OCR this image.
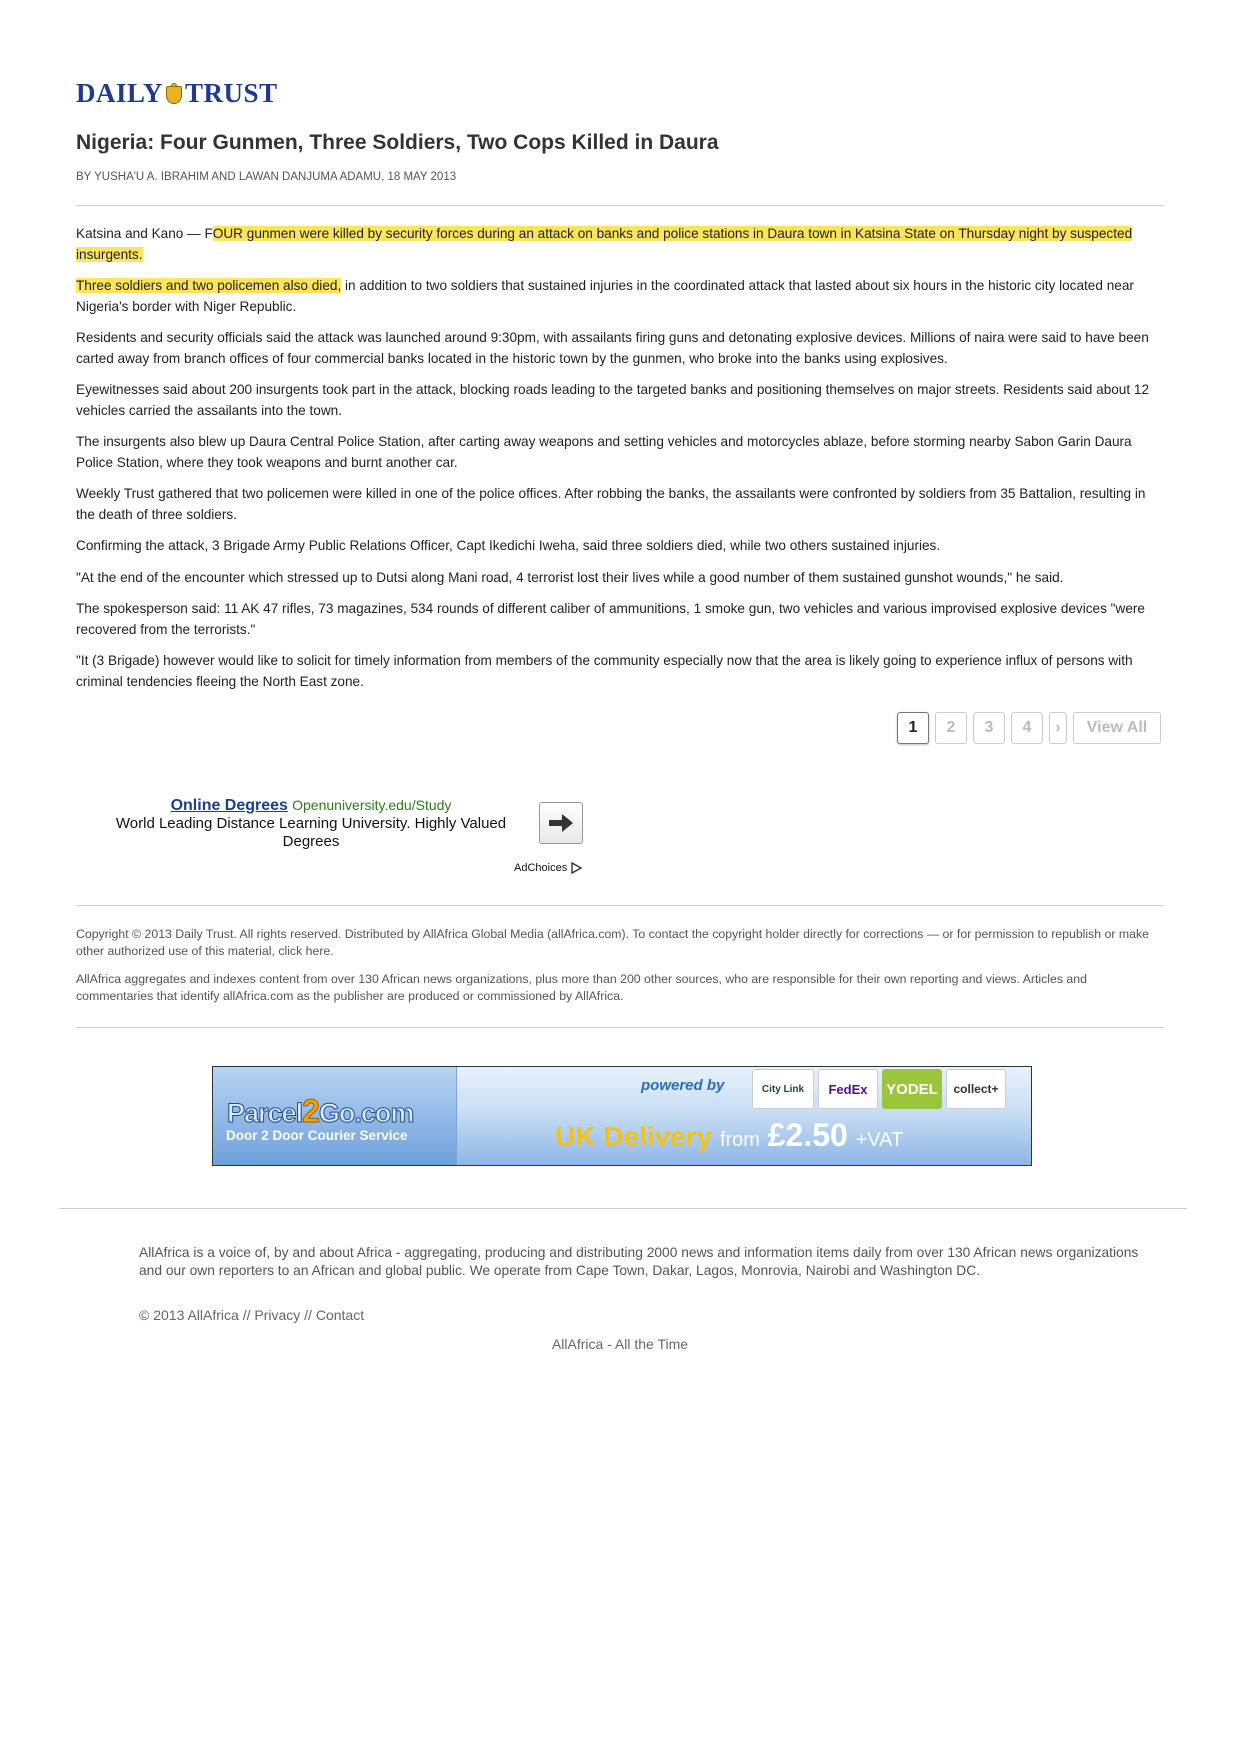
DAILY TRUST
Nigeria: Four Gunmen, Three Soldiers, Two Cops Killed in Daura
BY YUSHA'U A. IBRAHIM AND LAWAN DANJUMA ADAMU, 18 MAY 2013

Katsina and Kano — FOUR gunmen were killed by security forces during an attack on banks and police stations in Daura town in Katsina State on Thursday night by suspected insurgents.

Three soldiers and two policemen also died, in addition to two soldiers that sustained injuries in the coordinated attack that lasted about six hours in the historic city located near Nigeria's border with Niger Republic.

Residents and security officials said the attack was launched around 9:30pm, with assailants firing guns and detonating explosive devices. Millions of naira were said to have been carted away from branch offices of four commercial banks located in the historic town by the gunmen, who broke into the banks using explosives.

Eyewitnesses said about 200 insurgents took part in the attack, blocking roads leading to the targeted banks and positioning themselves on major streets. Residents said about 12 vehicles carried the assailants into the town.

The insurgents also blew up Daura Central Police Station, after carting away weapons and setting vehicles and motorcycles ablaze, before storming nearby Sabon Garin Daura Police Station, where they took weapons and burnt another car.

Weekly Trust gathered that two policemen were killed in one of the police offices. After robbing the banks, the assailants were confronted by soldiers from 35 Battalion, resulting in the death of three soldiers.

Confirming the attack, 3 Brigade Army Public Relations Officer, Capt Ikedichi Iweha, said three soldiers died, while two others sustained injuries.

"At the end of the encounter which stressed up to Dutsi along Mani road, 4 terrorist lost their lives while a good number of them sustained gunshot wounds," he said.

The spokesperson said: 11 AK 47 rifles, 73 magazines, 534 rounds of different caliber of ammunitions, 1 smoke gun, two vehicles and various improvised explosive devices "were recovered from the terrorists."

"It (3 Brigade) however would like to solicit for timely information from members of the community especially now that the area is likely going to experience influx of persons with criminal tendencies fleeing the North East zone.

1	2	3	4	›	View All
Online Degrees Openuniversity.edu/Study
World Leading Distance Learning University. Highly Valued Degrees
AdChoices

Copyright © 2013 Daily Trust. All rights reserved. Distributed by AllAfrica Global Media (allAfrica.com). To contact the copyright holder directly for corrections — or for permission to republish or make other authorized use of this material, click here.

AllAfrica aggregates and indexes content from over 130 African news organizations, plus more than 200 other sources, who are responsible for their own reporting and views. Articles and commentaries that identify allAfrica.com as the publisher are produced or commissioned by AllAfrica.

Parcel2Go.com
Door 2 Door Courier Service
powered by	City Link	FedEx	YODEL	collect+
UK Delivery from £2.50 +VAT
AllAfrica is a voice of, by and about Africa - aggregating, producing and distributing 2000 news and information items daily from over 130 African news organizations and our own reporters to an African and global public. We operate from Cape Town, Dakar, Lagos, Monrovia, Nairobi and Washington DC.
© 2013 AllAfrica // Privacy // Contact
AllAfrica - All the Time
